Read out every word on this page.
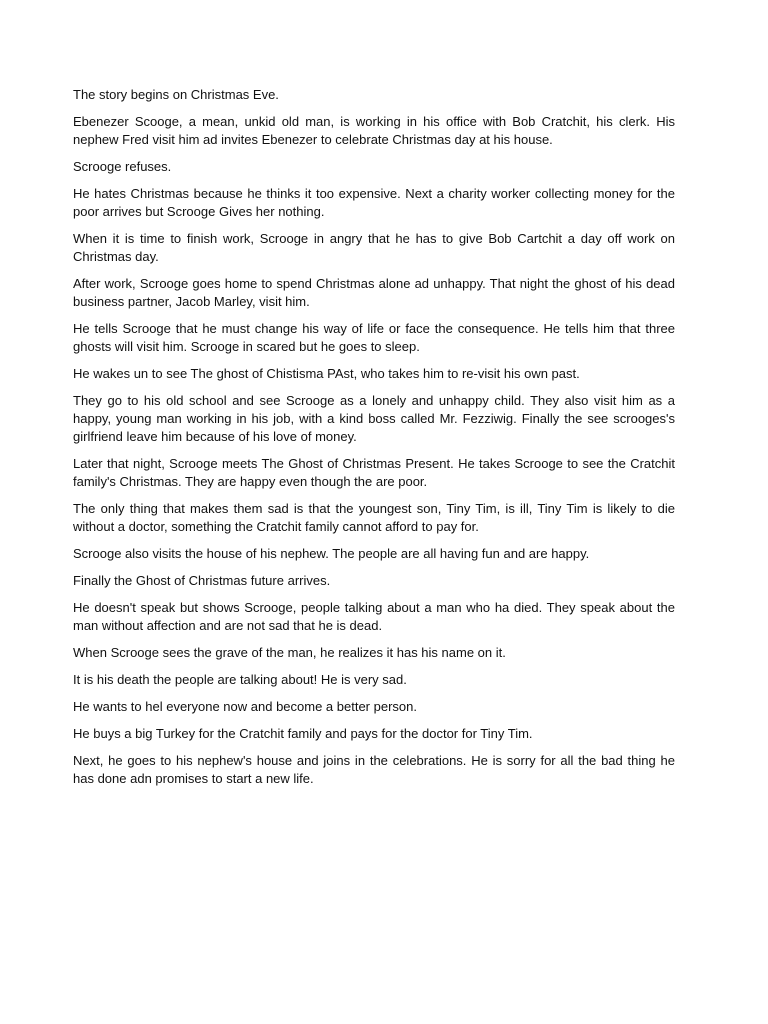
The story begins on Christmas Eve.

Ebenezer Scooge, a mean, unkid old man, is working in his office with Bob Cratchit, his clerk. His nephew Fred visit him ad invites Ebenezer to celebrate Christmas day at his house.

Scrooge refuses.

He hates Christmas because he thinks it too expensive. Next a charity worker collecting money for the poor arrives but Scrooge Gives her nothing.

When it is time to finish work, Scrooge in angry that he has to give Bob Cartchit a day off work on Christmas day.

After work, Scrooge goes home to spend Christmas alone ad unhappy. That night the ghost of his dead business partner, Jacob Marley, visit him.

He tells Scrooge that he must change his way of life or face the consequence. He tells him that three ghosts will visit him. Scrooge in scared but he goes to sleep.

He wakes un to see The ghost of Chistisma PAst, who takes him to re-visit his own past.

They go to his old school and see Scrooge as a lonely and unhappy child. They also visit him as a happy, young man working in his job, with a kind boss called Mr. Fezziwig. Finally the see scrooges's girlfriend leave him because of his love of money.

Later that night, Scrooge meets The Ghost of Christmas Present. He takes Scrooge to see the Cratchit family's Christmas. They are happy even though the are poor.

The only thing that makes them sad is that the youngest son, Tiny Tim, is ill, Tiny Tim is likely to die without a doctor, something the Cratchit family cannot afford to pay for.

Scrooge also visits the house of his nephew. The people are all having fun and are happy.

Finally the Ghost of Christmas future arrives.

He doesn't speak but shows Scrooge, people talking about a man who ha died. They speak about the man without affection and are not sad that he is dead.

When Scrooge sees the grave of the man, he realizes it has his name on it.

It is his death the people are talking about! He is very sad.

He wants to hel everyone now and become a better person.

He buys a big Turkey for the Cratchit family and pays for the doctor for Tiny Tim.

Next, he goes to his nephew's house and joins in the celebrations. He is sorry for all the bad thing he has done adn promises to start a new life.
